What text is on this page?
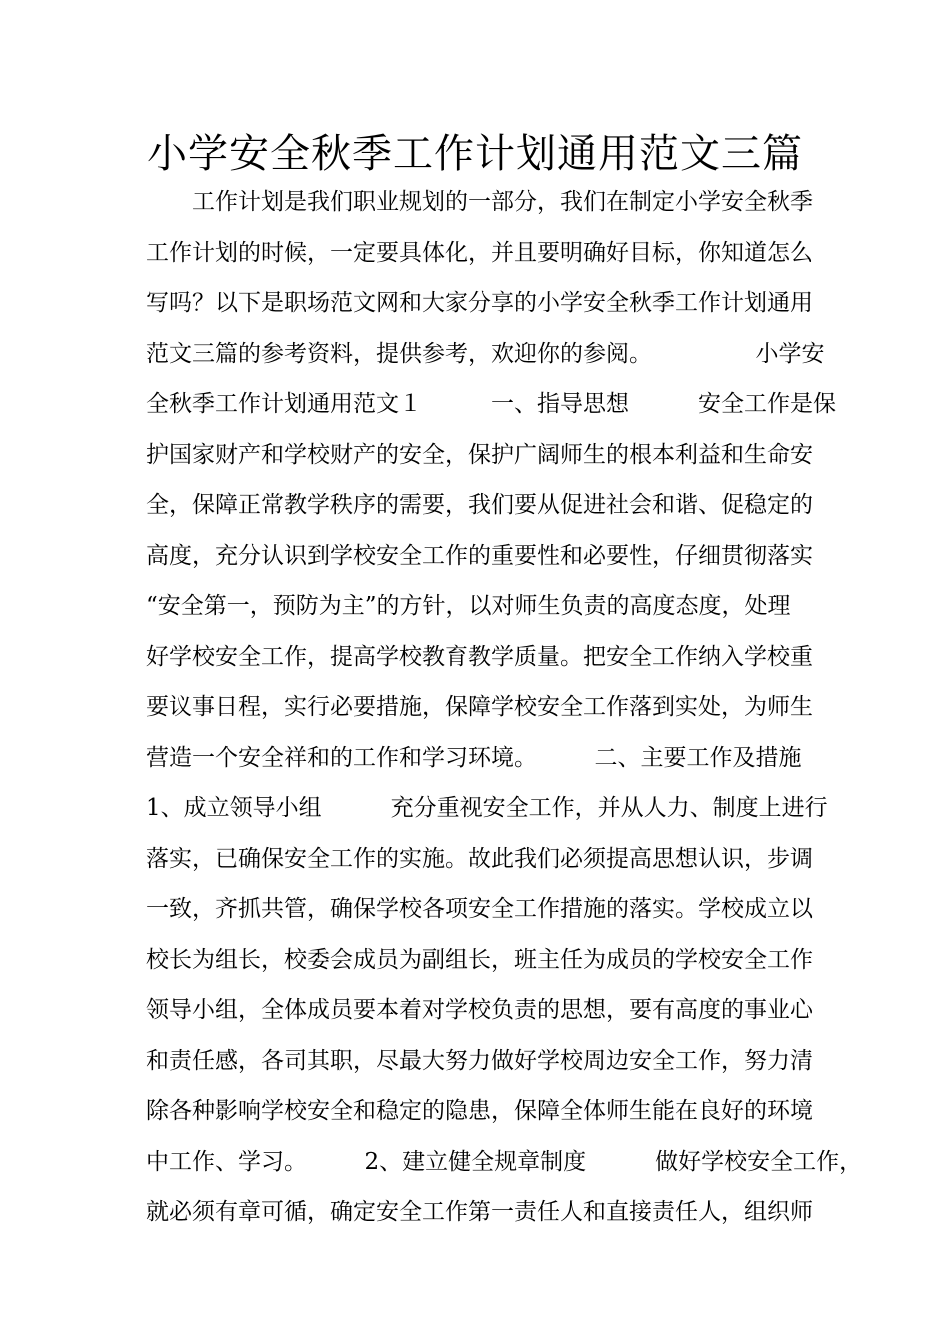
小学安全秋季工作计划通用范文三篇
　　工作计划是我们职业规划的一部分，我们在制定小学安全秋季
工作计划的时候，一定要具体化，并且要明确好目标，你知道怎么
写吗？以下是职场范文网和大家分享的小学安全秋季工作计划通用
范文三篇的参考资料，提供参考，欢迎你的参阅。　　　　　小学安
全秋季工作计划通用范文１　　　一、指导思想　　　安全工作是保
护国家财产和学校财产的安全，保护广阔师生的根本利益和生命安
全，保障正常教学秩序的需要，我们要从促进社会和谐、促稳定的
高度，充分认识到学校安全工作的重要性和必要性，仔细贯彻落实
“安全第一，预防为主”的方针，以对师生负责的高度态度，处理
好学校安全工作，提高学校教育教学质量。把安全工作纳入学校重
要议事日程，实行必要措施，保障学校安全工作落到实处，为师生
营造一个安全祥和的工作和学习环境。　　　二、主要工作及措施
1、成立领导小组　　　充分重视安全工作，并从人力、制度上进行
落实，已确保安全工作的实施。故此我们必须提高思想认识，步调
一致，齐抓共管，确保学校各项安全工作措施的落实。学校成立以
校长为组长，校委会成员为副组长，班主任为成员的学校安全工作
领导小组，全体成员要本着对学校负责的思想，要有高度的事业心
和责任感，各司其职，尽最大努力做好学校周边安全工作，努力清
除各种影响学校安全和稳定的隐患，保障全体师生能在良好的环境
中工作、学习。　　　2、建立健全规章制度　　　做好学校安全工作，
就必须有章可循，确定安全工作第一责任人和直接责任人，组织师
